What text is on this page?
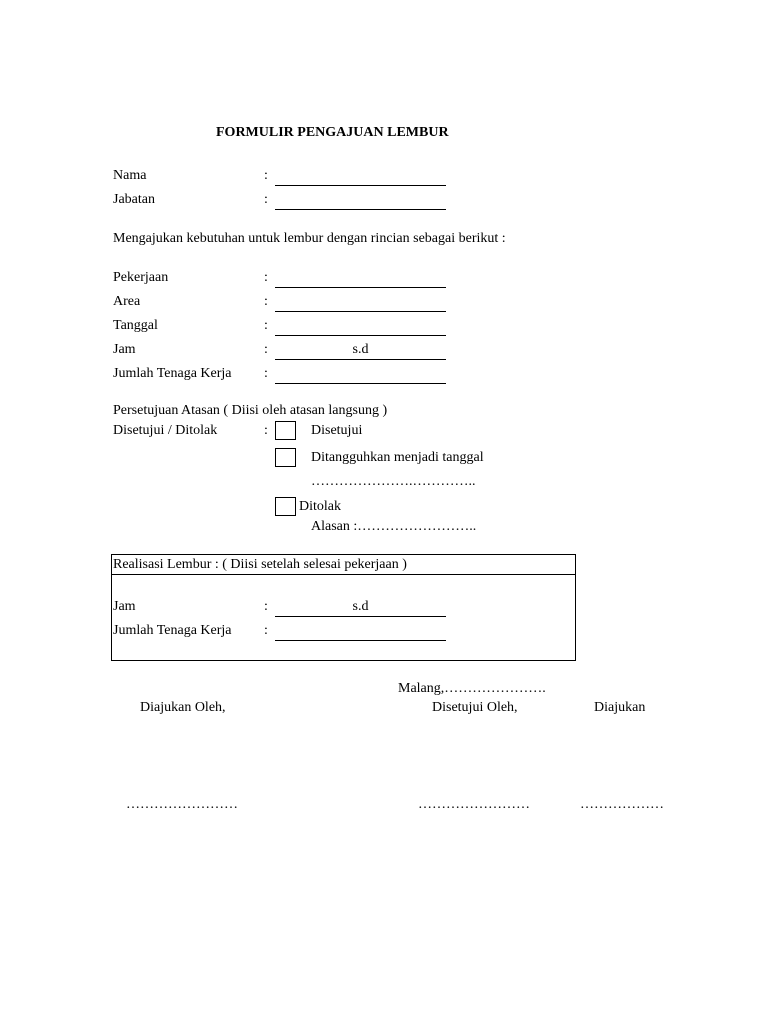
FORMULIR PENGAJUAN LEMBUR
Nama	:
Jabatan	:
Mengajukan kebutuhan untuk lembur dengan rincian sebagai berikut :
Pekerjaan	:
Area	:
Tanggal	:
Jam	:	s.d
Jumlah Tenaga Kerja :
Persetujuan Atasan ( Diisi oleh atasan langsung )
Disetujui / Ditolak	:	Disetujui
Ditangguhkan menjadi tanggal
………………….…………..
Ditolak
Alasan :……………………..
Realisasi Lembur : ( Diisi setelah selesai pekerjaan )
Jam	:	s.d
Jumlah Tenaga Kerja :
Malang,………………….
Diajukan Oleh,	Disetujui Oleh,	Diajukan
……………………	……………………	………………
